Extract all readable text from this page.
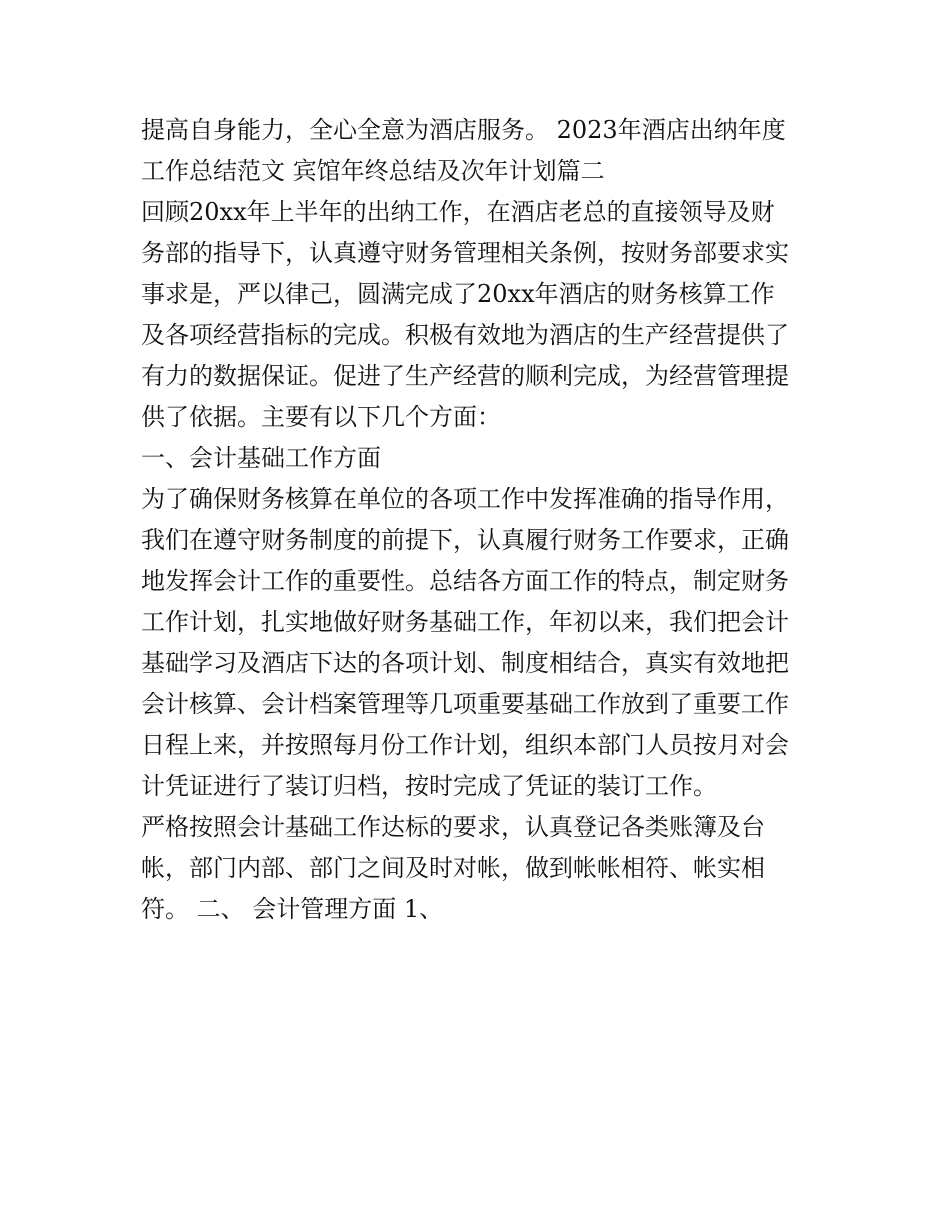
提高自身能力，全心全意为酒店服务。 2023年酒店出纳年度
工作总结范文 宾馆年终总结及次年计划篇二
回顾20xx年上半年的出纳工作，在酒店老总的直接领导及财
务部的指导下，认真遵守财务管理相关条例，按财务部要求实
事求是，严以律己，圆满完成了20xx年酒店的财务核算工作
及各项经营指标的完成。积极有效地为酒店的生产经营提供了
有力的数据保证。促进了生产经营的顺利完成，为经营管理提
供了依据。主要有以下几个方面：
一、会计基础工作方面
为了确保财务核算在单位的各项工作中发挥准确的指导作用，
我们在遵守财务制度的前提下，认真履行财务工作要求，正确
地发挥会计工作的重要性。总结各方面工作的特点，制定财务
工作计划，扎实地做好财务基础工作，年初以来，我们把会计
基础学习及酒店下达的各项计划、制度相结合，真实有效地把
会计核算、会计档案管理等几项重要基础工作放到了重要工作
日程上来，并按照每月份工作计划，组织本部门人员按月对会
计凭证进行了装订归档，按时完成了凭证的装订工作。
严格按照会计基础工作达标的要求，认真登记各类账簿及台
帐，部门内部、部门之间及时对帐，做到帐帐相符、帐实相
符。 二、 会计管理方面 1、
